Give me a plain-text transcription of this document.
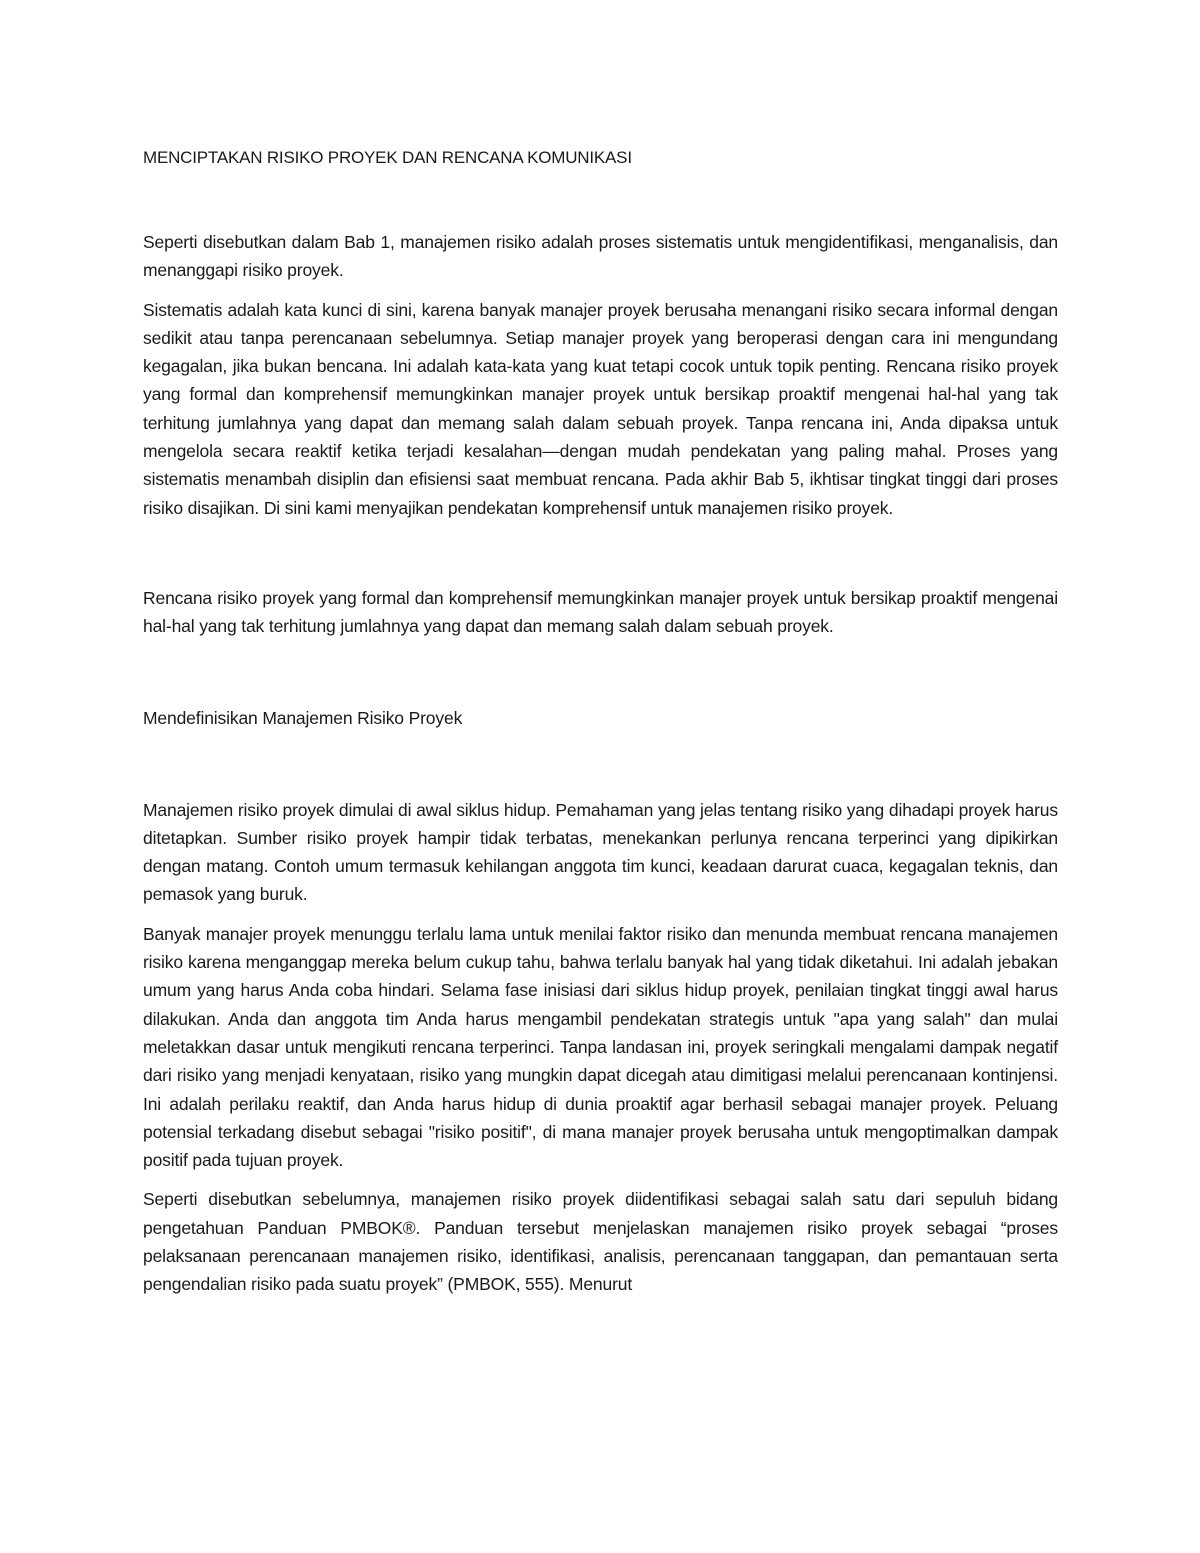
MENCIPTAKAN RISIKO PROYEK DAN RENCANA KOMUNIKASI

Seperti disebutkan dalam Bab 1, manajemen risiko adalah proses sistematis untuk mengidentifikasi, menganalisis, dan menanggapi risiko proyek.

Sistematis adalah kata kunci di sini, karena banyak manajer proyek berusaha menangani risiko secara informal dengan sedikit atau tanpa perencanaan sebelumnya. Setiap manajer proyek yang beroperasi dengan cara ini mengundang kegagalan, jika bukan bencana. Ini adalah kata-kata yang kuat tetapi cocok untuk topik penting. Rencana risiko proyek yang formal dan komprehensif memungkinkan manajer proyek untuk bersikap proaktif mengenai hal-hal yang tak terhitung jumlahnya yang dapat dan memang salah dalam sebuah proyek. Tanpa rencana ini, Anda dipaksa untuk mengelola secara reaktif ketika terjadi kesalahan—dengan mudah pendekatan yang paling mahal. Proses yang sistematis menambah disiplin dan efisiensi saat membuat rencana. Pada akhir Bab 5, ikhtisar tingkat tinggi dari proses risiko disajikan. Di sini kami menyajikan pendekatan komprehensif untuk manajemen risiko proyek.

Rencana risiko proyek yang formal dan komprehensif memungkinkan manajer proyek untuk bersikap proaktif mengenai hal-hal yang tak terhitung jumlahnya yang dapat dan memang salah dalam sebuah proyek.

Mendefinisikan Manajemen Risiko Proyek

Manajemen risiko proyek dimulai di awal siklus hidup. Pemahaman yang jelas tentang risiko yang dihadapi proyek harus ditetapkan. Sumber risiko proyek hampir tidak terbatas, menekankan perlunya rencana terperinci yang dipikirkan dengan matang. Contoh umum termasuk kehilangan anggota tim kunci, keadaan darurat cuaca, kegagalan teknis, dan pemasok yang buruk.

Banyak manajer proyek menunggu terlalu lama untuk menilai faktor risiko dan menunda membuat rencana manajemen risiko karena menganggap mereka belum cukup tahu, bahwa terlalu banyak hal yang tidak diketahui. Ini adalah jebakan umum yang harus Anda coba hindari. Selama fase inisiasi dari siklus hidup proyek, penilaian tingkat tinggi awal harus dilakukan. Anda dan anggota tim Anda harus mengambil pendekatan strategis untuk "apa yang salah" dan mulai meletakkan dasar untuk mengikuti rencana terperinci. Tanpa landasan ini, proyek seringkali mengalami dampak negatif dari risiko yang menjadi kenyataan, risiko yang mungkin dapat dicegah atau dimitigasi melalui perencanaan kontinjensi. Ini adalah perilaku reaktif, dan Anda harus hidup di dunia proaktif agar berhasil sebagai manajer proyek. Peluang potensial terkadang disebut sebagai "risiko positif", di mana manajer proyek berusaha untuk mengoptimalkan dampak positif pada tujuan proyek.

Seperti disebutkan sebelumnya, manajemen risiko proyek diidentifikasi sebagai salah satu dari sepuluh bidang pengetahuan Panduan PMBOK®. Panduan tersebut menjelaskan manajemen risiko proyek sebagai “proses pelaksanaan perencanaan manajemen risiko, identifikasi, analisis, perencanaan tanggapan, dan pemantauan serta pengendalian risiko pada suatu proyek” (PMBOK, 555). Menurut
